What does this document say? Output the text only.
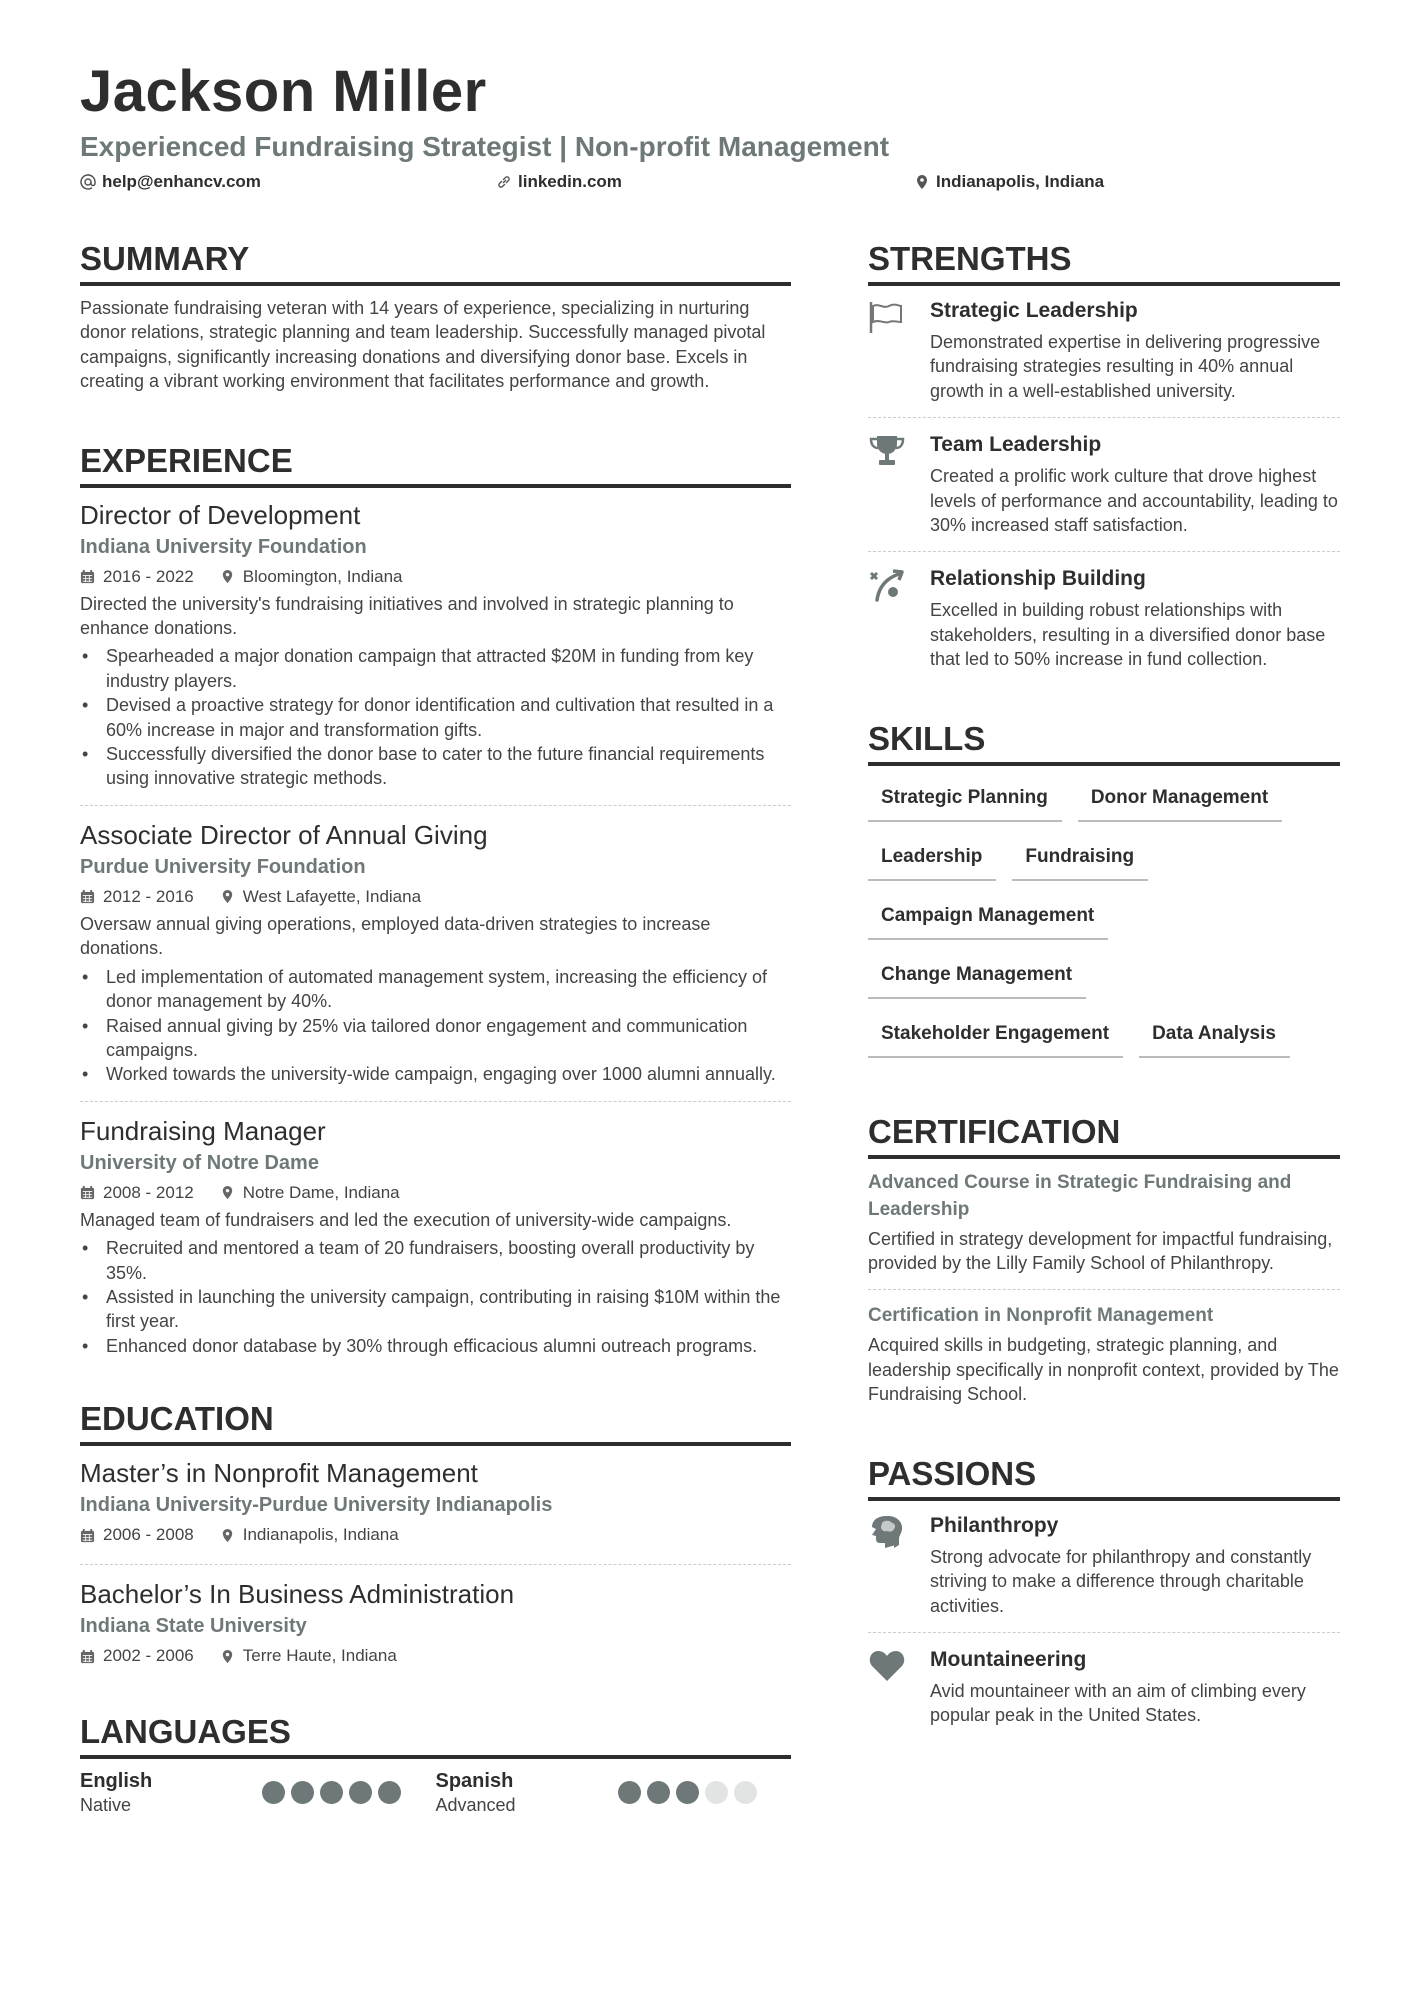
Jackson Miller
Experienced Fundraising Strategist | Non-profit Management
help@enhancv.com	linkedin.com	Indianapolis, Indiana
SUMMARY
Passionate fundraising veteran with 14 years of experience, specializing in nurturing donor relations, strategic planning and team leadership. Successfully managed pivotal campaigns, significantly increasing donations and diversifying donor base. Excels in creating a vibrant working environment that facilitates performance and growth.
EXPERIENCE
Director of Development
Indiana University Foundation
2016 - 2022	Bloomington, Indiana
Directed the university's fundraising initiatives and involved in strategic planning to enhance donations.
• Spearheaded a major donation campaign that attracted $20M in funding from key industry players.
• Devised a proactive strategy for donor identification and cultivation that resulted in a 60% increase in major and transformation gifts.
• Successfully diversified the donor base to cater to the future financial requirements using innovative strategic methods.
Associate Director of Annual Giving
Purdue University Foundation
2012 - 2016	West Lafayette, Indiana
Oversaw annual giving operations, employed data-driven strategies to increase donations.
• Led implementation of automated management system, increasing the efficiency of donor management by 40%.
• Raised annual giving by 25% via tailored donor engagement and communication campaigns.
• Worked towards the university-wide campaign, engaging over 1000 alumni annually.
Fundraising Manager
University of Notre Dame
2008 - 2012	Notre Dame, Indiana
Managed team of fundraisers and led the execution of university-wide campaigns.
• Recruited and mentored a team of 20 fundraisers, boosting overall productivity by 35%.
• Assisted in launching the university campaign, contributing in raising $10M within the first year.
• Enhanced donor database by 30% through efficacious alumni outreach programs.
EDUCATION
Master’s in Nonprofit Management
Indiana University-Purdue University Indianapolis
2006 - 2008	Indianapolis, Indiana
Bachelor’s In Business Administration
Indiana State University
2002 - 2006	Terre Haute, Indiana
LANGUAGES
English
Native
Spanish
Advanced
STRENGTHS
Strategic Leadership
Demonstrated expertise in delivering progressive fundraising strategies resulting in 40% annual growth in a well-established university.
Team Leadership
Created a prolific work culture that drove highest levels of performance and accountability, leading to 30% increased staff satisfaction.
Relationship Building
Excelled in building robust relationships with stakeholders, resulting in a diversified donor base that led to 50% increase in fund collection.
SKILLS
Strategic Planning	Donor Management
Leadership	Fundraising
Campaign Management
Change Management
Stakeholder Engagement	Data Analysis
CERTIFICATION
Advanced Course in Strategic Fundraising and Leadership
Certified in strategy development for impactful fundraising, provided by the Lilly Family School of Philanthropy.
Certification in Nonprofit Management
Acquired skills in budgeting, strategic planning, and leadership specifically in nonprofit context, provided by The Fundraising School.
PASSIONS
Philanthropy
Strong advocate for philanthropy and constantly striving to make a difference through charitable activities.
Mountaineering
Avid mountaineer with an aim of climbing every popular peak in the United States.
